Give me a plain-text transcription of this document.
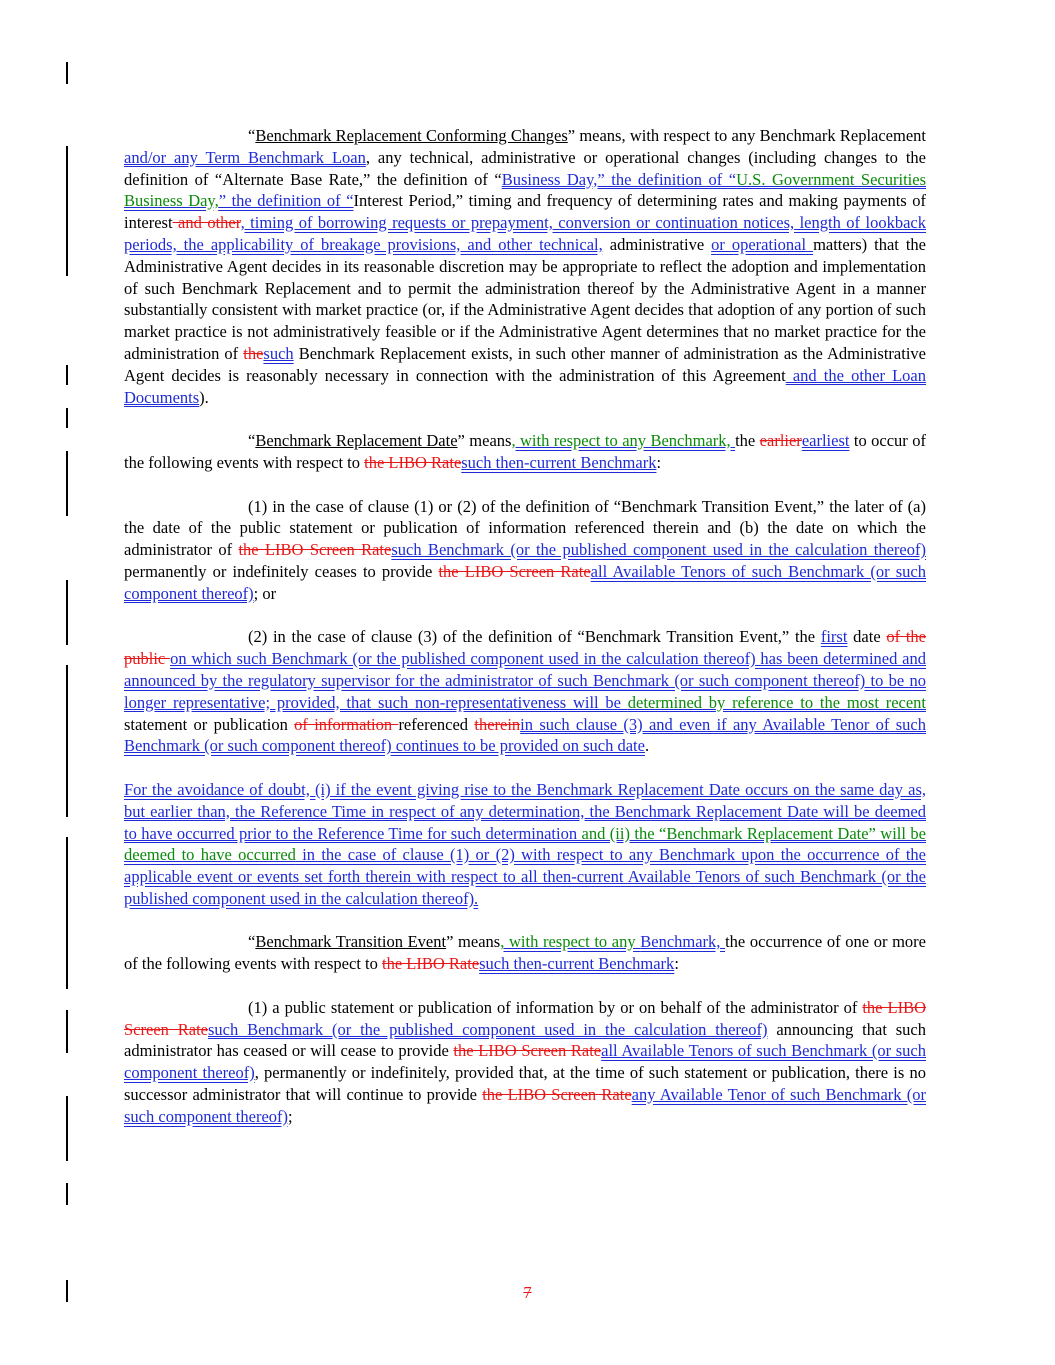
“Benchmark Replacement Conforming Changes” means, with respect to any Benchmark Replacement and/or any Term Benchmark Loan, any technical, administrative or operational changes (including changes to the definition of “Alternate Base Rate,” the definition of “Business Day,” the definition of “U.S. Government Securities Business Day,” the definition of “Interest Period,” timing and frequency of determining rates and making payments of interest and other, timing of borrowing requests or prepayment, conversion or continuation notices, length of lookback periods, the applicability of breakage provisions, and other technical, administrative or operational matters) that the Administrative Agent decides in its reasonable discretion may be appropriate to reflect the adoption and implementation of such Benchmark Replacement and to permit the administration thereof by the Administrative Agent in a manner substantially consistent with market practice (or, if the Administrative Agent decides that adoption of any portion of such market practice is not administratively feasible or if the Administrative Agent determines that no market practice for the administration of thesuch Benchmark Replacement exists, in such other manner of administration as the Administrative Agent decides is reasonably necessary in connection with the administration of this Agreement and the other Loan Documents).

“Benchmark Replacement Date” means, with respect to any Benchmark, the earlierearliest to occur of the following events with respect to the LIBO Ratesuch then-current Benchmark:

(1) in the case of clause (1) or (2) of the definition of “Benchmark Transition Event,” the later of (a) the date of the public statement or publication of information referenced therein and (b) the date on which the administrator of the LIBO Screen Ratesuch Benchmark (or the published component used in the calculation thereof) permanently or indefinitely ceases to provide the LIBO Screen Rateall Available Tenors of such Benchmark (or such component thereof); or

(2) in the case of clause (3) of the definition of “Benchmark Transition Event,” the first date of the public on which such Benchmark (or the published component used in the calculation thereof) has been determined and announced by the regulatory supervisor for the administrator of such Benchmark (or such component thereof) to be no longer representative; provided, that such non-representativeness will be determined by reference to the most recent statement or publication of information referenced thereinin such clause (3) and even if any Available Tenor of such Benchmark (or such component thereof) continues to be provided on such date.

For the avoidance of doubt, (i) if the event giving rise to the Benchmark Replacement Date occurs on the same day as, but earlier than, the Reference Time in respect of any determination, the Benchmark Replacement Date will be deemed to have occurred prior to the Reference Time for such determination and (ii) the “Benchmark Replacement Date” will be deemed to have occurred in the case of clause (1) or (2) with respect to any Benchmark upon the occurrence of the applicable event or events set forth therein with respect to all then-current Available Tenors of such Benchmark (or the published component used in the calculation thereof).

“Benchmark Transition Event” means, with respect to any Benchmark, the occurrence of one or more of the following events with respect to the LIBO Ratesuch then-current Benchmark:

(1) a public statement or publication of information by or on behalf of the administrator of the LIBO Screen Ratesuch Benchmark (or the published component used in the calculation thereof) announcing that such administrator has ceased or will cease to provide the LIBO Screen Rateall Available Tenors of such Benchmark (or such component thereof), permanently or indefinitely, provided that, at the time of such statement or publication, there is no successor administrator that will continue to provide the LIBO Screen Rateany Available Tenor of such Benchmark (or such component thereof);

7
